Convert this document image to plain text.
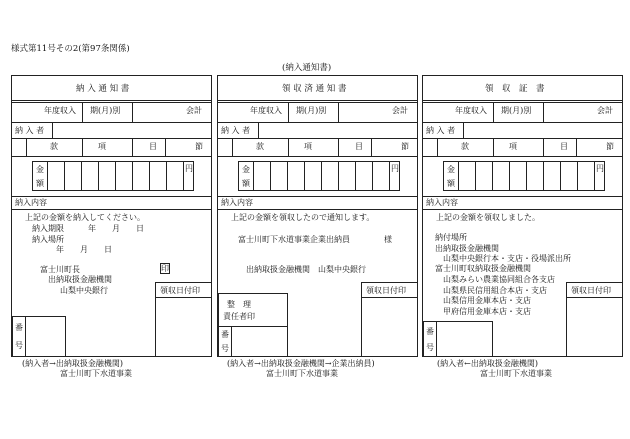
様式第11号その2(第97条関係)
(納入通知書)
納 入 通 知 書
年度収入 期(月)別	会計
納 入 者
款	項	目	節
金
額
円
納入内容
上記の金額を納入してください。
納入期限　　　年　　月　　日
納入場所
年　　月　　日
富士川町長	印
出納取扱金融機関
山梨中央銀行	領収日付印
番
号
(納入者→出納取扱金融機関)
富士川町下水道事業
領 収 済 通 知 書
年度収入 期(月)別	会計
納 入 者
款	項	目	節
金
額
円
納入内容
上記の金額を領収したので通知します。
富士川町下水道事業企業出納員	様
出納取扱金融機関　山梨中央銀行
領収日付印
整　理
責任者印
番
号
(納入者→出納取扱金融機関→企業出納員)
富士川町下水道事業
領　収　証　書
年度収入 期(月)別	会計
納 入 者
款	項	目	節
金
額
円
納入内容
上記の金額を領収しました。
納付場所
出納取扱金融機関
山梨中央銀行本・支店・役場派出所
富士川町収納取扱金融機関
山梨みらい農業協同組合各支店
山梨県民信用組合本店・支店
山梨信用金庫本店・支店
甲府信用金庫本店・支店
領収日付印
番
号
(納入者←出納取扱金融機関)
富士川町下水道事業
